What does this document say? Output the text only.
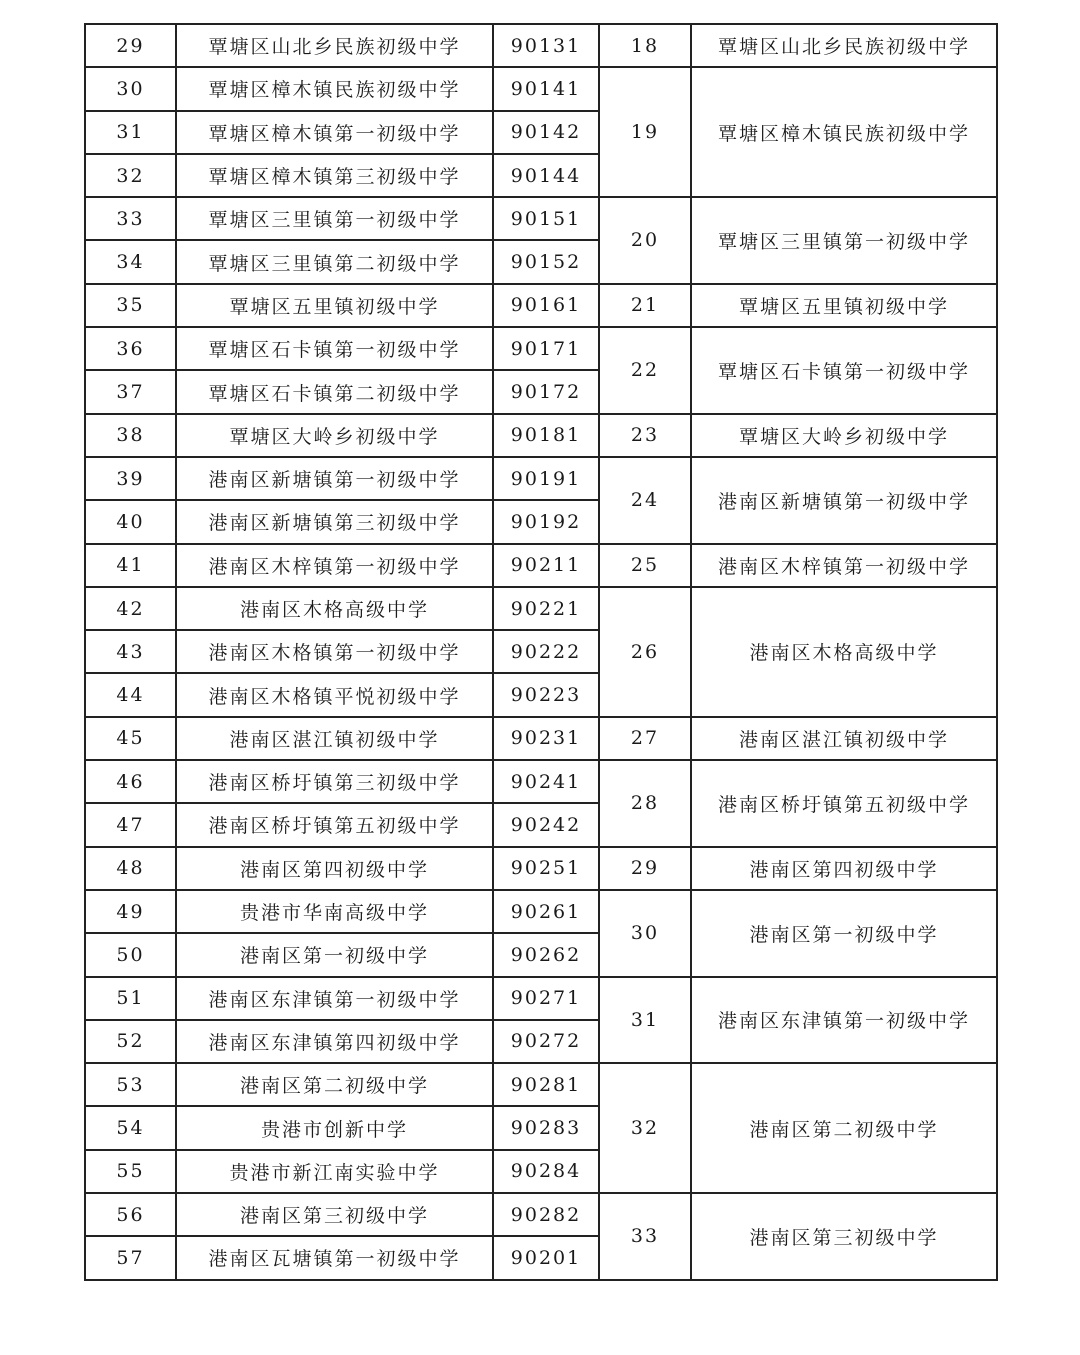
29	覃塘区山北乡民族初级中学	90131	18	覃塘区山北乡民族初级中学
30	覃塘区樟木镇民族初级中学	90141	19	覃塘区樟木镇民族初级中学
31	覃塘区樟木镇第一初级中学	90142		
32	覃塘区樟木镇第三初级中学	90144		
33	覃塘区三里镇第一初级中学	90151	20	覃塘区三里镇第一初级中学
34	覃塘区三里镇第二初级中学	90152		
35	覃塘区五里镇初级中学	90161	21	覃塘区五里镇初级中学
36	覃塘区石卡镇第一初级中学	90171	22	覃塘区石卡镇第一初级中学
37	覃塘区石卡镇第二初级中学	90172		
38	覃塘区大岭乡初级中学	90181	23	覃塘区大岭乡初级中学
39	港南区新塘镇第一初级中学	90191	24	港南区新塘镇第一初级中学
40	港南区新塘镇第三初级中学	90192		
41	港南区木梓镇第一初级中学	90211	25	港南区木梓镇第一初级中学
42	港南区木格高级中学	90221	26	港南区木格高级中学
43	港南区木格镇第一初级中学	90222		
44	港南区木格镇平悦初级中学	90223		
45	港南区湛江镇初级中学	90231	27	港南区湛江镇初级中学
46	港南区桥圩镇第三初级中学	90241	28	港南区桥圩镇第五初级中学
47	港南区桥圩镇第五初级中学	90242		
48	港南区第四初级中学	90251	29	港南区第四初级中学
49	贵港市华南高级中学	90261	30	港南区第一初级中学
50	港南区第一初级中学	90262		
51	港南区东津镇第一初级中学	90271	31	港南区东津镇第一初级中学
52	港南区东津镇第四初级中学	90272		
53	港南区第二初级中学	90281	32	港南区第二初级中学
54	贵港市创新中学	90283		
55	贵港市新江南实验中学	90284		
56	港南区第三初级中学	90282	33	港南区第三初级中学
57	港南区瓦塘镇第一初级中学	90201		
